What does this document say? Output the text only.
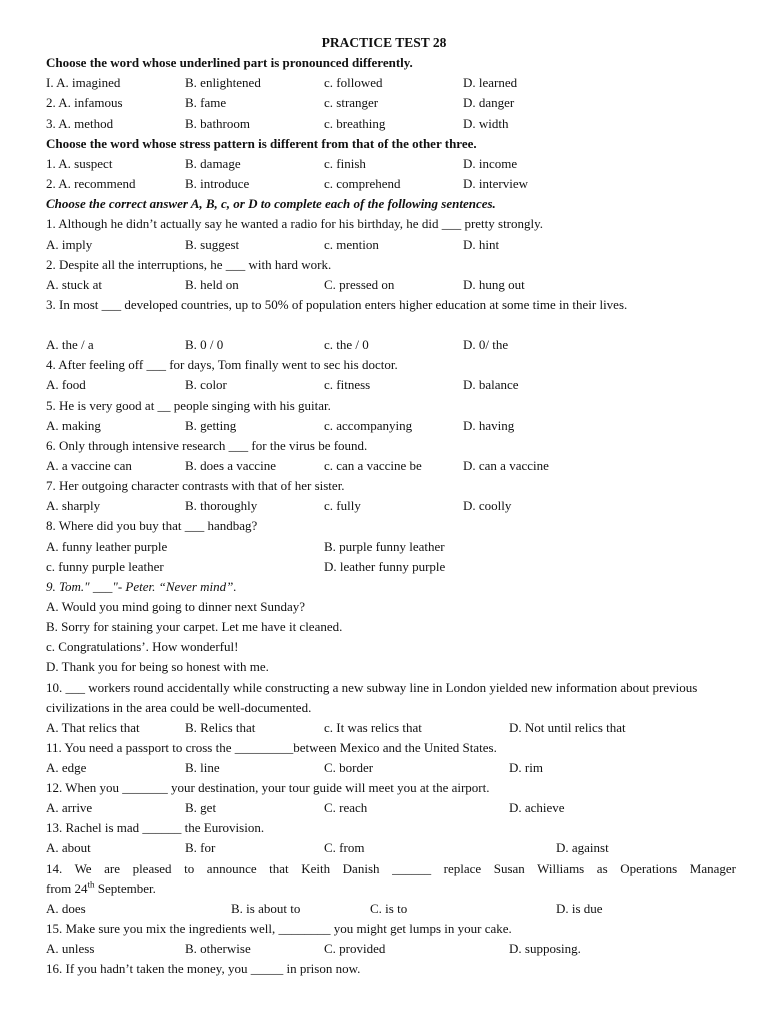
PRACTICE TEST 28
Choose the word whose underlined part is pronounced differently.
I. A. imagined	B. enlightened	c. followed	D. learned
2. A. infamous	B. fame	c. stranger	D. danger
3. A. method	B. bathroom	c. breathing	D. width
Choose the word whose stress pattern is different from that of the other three.
1. A. suspect	B. damage	c. finish	D. income
2. A. recommend	B. introduce	c. comprehend	D. interview
Choose the correct answer A, B, c, or D to complete each of the following sentences.
1. Although he didn’t actually say he wanted a radio for his birthday, he did ___ pretty strongly.
A. imply	B. suggest	c. mention	D. hint
2. Despite all the interruptions, he ___ with hard work.
A. stuck at	B. held on	C. pressed on	D. hung out
3. In most ___ developed countries, up to 50% of population enters higher education at some time in their lives.
A. the / a	B. 0 / 0	c. the / 0	D. 0/ the
4. After feeling off ___ for days, Tom finally went to sec his doctor.
A. food	B. color	c. fitness	D. balance
5. He is very good at __ people singing with his guitar.
A. making	B. getting	c. accompanying	D. having
6. Only through intensive research ___ for the virus be found.
A. a vaccine can	B. does a vaccine	c. can a vaccine be	D. can a vaccine
7. Her outgoing character contrasts with that of her sister.
A. sharply	B. thoroughly	c. fully	D. coolly
8. Where did you buy that ___ handbag?
A. funny leather purple	B. purple funny leather
c. funny purple leather	D. leather funny purple
9. Tom." ___"- Peter. “Never mind”.
A. Would you mind going to dinner next Sunday?
B. Sorry for staining your carpet. Let me have it cleaned.
c. Congratulations’. How wonderful!
D. Thank you for being so honest with me.
10. ___ workers round accidentally while constructing a new subway line in London yielded new information about previous civilizations in the area could be well-documented.
A. That relics that	B. Relics that	c. It was relics that	D. Not until relics that
11. You need a passport to cross the _________between Mexico and the United States.
A. edge	B. line	C. border	D. rim
12. When you _______ your destination, your tour guide will meet you at the airport.
A. arrive	B. get	C. reach	D. achieve
13. Rachel is mad ______ the Eurovision.
A. about	B. for	C. from	D. against
14. We are pleased to announce that Keith Danish ______ replace Susan Williams as Operations Manager
from 24th September.
A. does	B. is about to	C. is to	D. is due
15. Make sure you mix the ingredients well, ________ you might get lumps in your cake.
A. unless	B. otherwise	C. provided	D. supposing.
16. If you hadn’t taken the money, you _____ in prison now.
